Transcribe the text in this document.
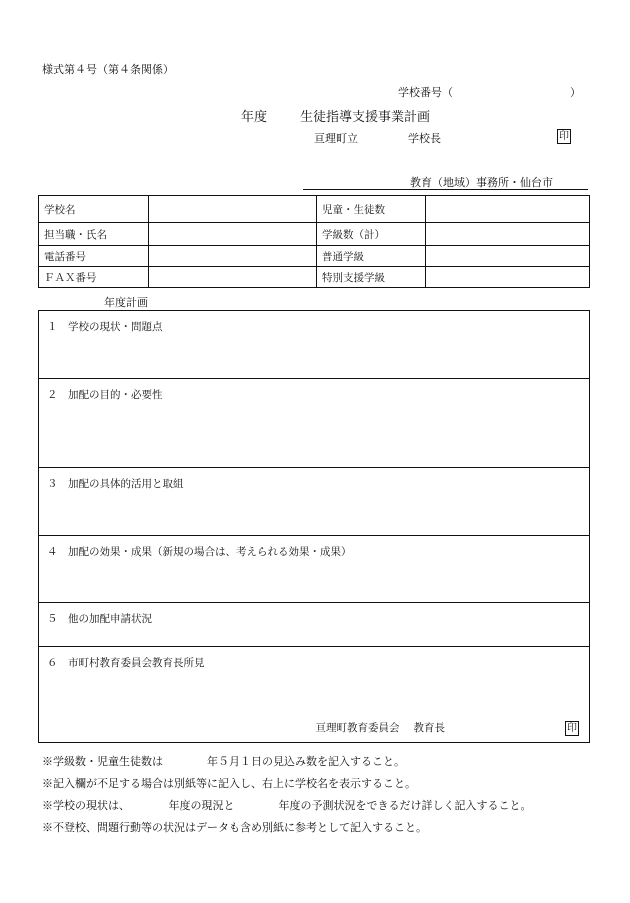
様式第４号（第４条関係）
学校番号（	）
年度	生徒指導支援事業計画
亘理町立	学校長	印
教育（地域）事務所・仙台市
学校名		児童・生徒数	
担当職・氏名		学級数（計）	
電話番号		普通学級	
ＦＡＸ番号		特別支援学級	
年度計画
１　学校の現状・問題点
２　加配の目的・必要性
３　加配の具体的活用と取組
４　加配の効果・成果（新規の場合は、考えられる効果・成果）
５　他の加配申請状況
６　市町村教育委員会教育長所見
亘理町教育委員会 教育長	印
※学級数・児童生徒数は　　　　年５月１日の見込み数を記入すること。
※記入欄が不足する場合は別紙等に記入し、右上に学校名を表示すること。
※学校の現状は、　　　　年度の現況と　　　　年度の予測状況をできるだけ詳しく記入すること。
※不登校、問題行動等の状況はデータも含め別紙に参考として記入すること。
